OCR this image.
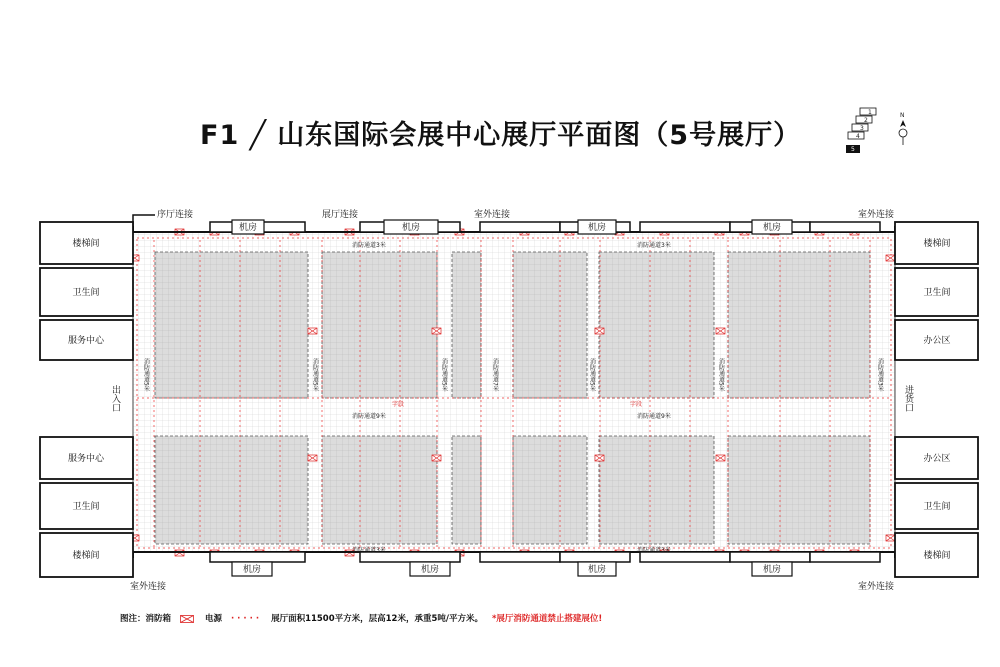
F1 ╱ 山东国际会展中心展厅平面图（5号展厅）
机房	机房	机房	机房
机房	机房	机房	机房
楼梯间
卫生间
服务中心
服务中心
卫生间
楼梯间
楼梯间
卫生间
办公区
办公区
卫生间
楼梯间
序厅连接	展厅连接	室外连接	室外连接
室外连接	室外连接
消防通道3米	消防通道3米
消防通道9米	消防通道9米
消防通道3米	消防通道3米
字段	字段
消防通道5米	消防通道5米	消防通道5米	消防通道7米	消防通道5米	消防通道5米	消防通道3米
出入口	进货口
1
2
3
4
5
N
图注：消防箱	电源 ····· 展厅面积11500平方米，层高12米，承重5吨/平方米。 *展厅消防通道禁止搭建展位!
